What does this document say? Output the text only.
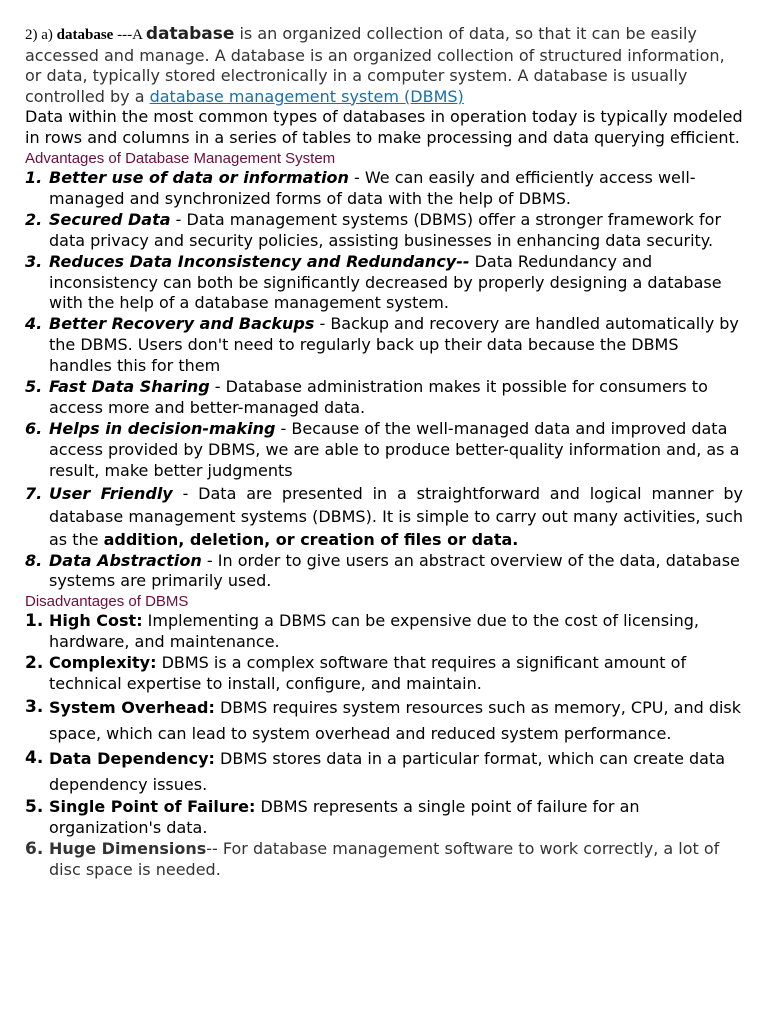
2) a) database ---A database is an organized collection of data, so that it can be easily accessed and manage. A database is an organized collection of structured information, or data, typically stored electronically in a computer system. A database is usually controlled by a database management system (DBMS)

Data within the most common types of databases in operation today is typically modeled in rows and columns in a series of tables to make processing and data querying efficient.

Advantages of Database Management System

1. Better use of data or information - We can easily and efficiently access well-managed and synchronized forms of data with the help of DBMS.
2. Secured Data - Data management systems (DBMS) offer a stronger framework for data privacy and security policies, assisting businesses in enhancing data security.
3. Reduces Data Inconsistency and Redundancy-- Data Redundancy and inconsistency can both be significantly decreased by properly designing a database with the help of a database management system.
4. Better Recovery and Backups - Backup and recovery are handled automatically by the DBMS. Users don't need to regularly back up their data because the DBMS handles this for them
5. Fast Data Sharing - Database administration makes it possible for consumers to access more and better-managed data.
6. Helps in decision-making - Because of the well-managed data and improved data access provided by DBMS, we are able to produce better-quality information and, as a result, make better judgments
7. User Friendly - Data are presented in a straightforward and logical manner by database management systems (DBMS). It is simple to carry out many activities, such as the addition, deletion, or creation of files or data.
8. Data Abstraction - In order to give users an abstract overview of the data, database systems are primarily used.

Disadvantages of DBMS

1. High Cost: Implementing a DBMS can be expensive due to the cost of licensing, hardware, and maintenance.
2. Complexity: DBMS is a complex software that requires a significant amount of technical expertise to install, configure, and maintain.
3. System Overhead: DBMS requires system resources such as memory, CPU, and disk space, which can lead to system overhead and reduced system performance.
4. Data Dependency: DBMS stores data in a particular format, which can create data dependency issues.
5. Single Point of Failure: DBMS represents a single point of failure for an organization's data.
6. Huge Dimensions-- For database management software to work correctly, a lot of disc space is needed.
